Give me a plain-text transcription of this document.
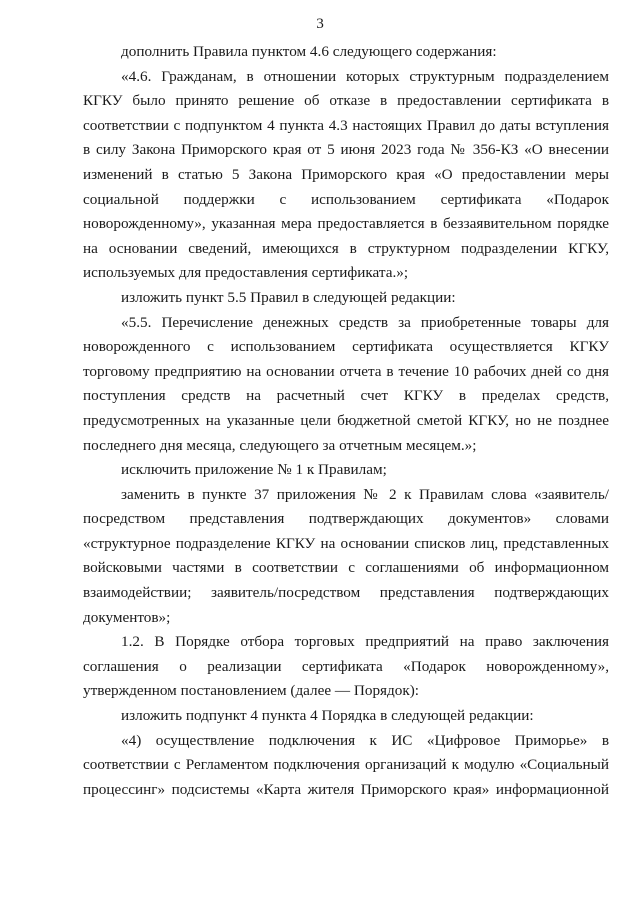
3

дополнить Правила пунктом 4.6 следующего содержания:

«4.6. Гражданам, в отношении которых структурным подразделением КГКУ было принято решение об отказе в предоставлении сертификата в соответствии с подпунктом 4 пункта 4.3 настоящих Правил до даты вступления в силу Закона Приморского края от 5 июня 2023 года № 356-КЗ «О внесении изменений в статью 5 Закона Приморского края «О предоставлении меры социальной поддержки с использованием сертификата «Подарок новорожденному», указанная мера предоставляется в беззаявительном порядке на основании сведений, имеющихся в структурном подразделении КГКУ, используемых для предоставления сертификата.»;

изложить пункт 5.5 Правил в следующей редакции:

«5.5. Перечисление денежных средств за приобретенные товары для новорожденного с использованием сертификата осуществляется КГКУ торговому предприятию на основании отчета в течение 10 рабочих дней со дня поступления средств на расчетный счет КГКУ в пределах средств, предусмотренных на указанные цели бюджетной сметой КГКУ, но не позднее последнего дня месяца, следующего за отчетным месяцем.»;

исключить приложение № 1 к Правилам;

заменить в пункте 37 приложения № 2 к Правилам слова «заявитель/посредством представления подтверждающих документов» словами «структурное подразделение КГКУ на основании списков лиц, представленных войсковыми частями в соответствии с соглашениями об информационном взаимодействии; заявитель/посредством представления подтверждающих документов»;

1.2. В Порядке отбора торговых предприятий на право заключения соглашения о реализации сертификата «Подарок новорожденному», утвержденном постановлением (далее — Порядок):

изложить подпункт 4 пункта 4 Порядка в следующей редакции:

«4) осуществление подключения к ИС «Цифровое Приморье» в соответствии с Регламентом подключения организаций к модулю «Социальный процессинг» подсистемы «Карта жителя Приморского края» информационной
